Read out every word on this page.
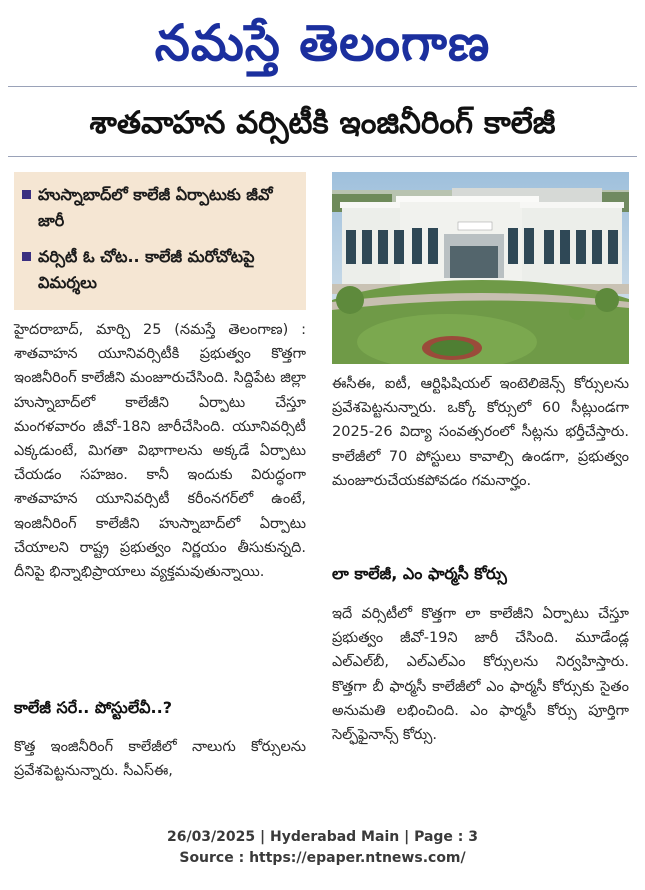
నమస్తే తెలంగాణ
శాతవాహన వర్సిటీకి ఇంజినీరింగ్ కాలేజీ
హుస్నాబాద్‌లో కాలేజీ ఏర్పాటుకు జీవో జారీ
వర్సిటీ ఓ చోట.. కాలేజీ మరోచోటపై విమర్శలు
హైదరాబాద్, మార్చి 25 (నమస్తే తెలంగాణ) : శాతవాహన యూనివర్సిటీకి ప్రభుత్వం కొత్తగా ఇంజినీరింగ్ కాలేజీని మంజూరుచేసింది. సిద్దిపేట జిల్లా హుస్నాబాద్‌లో కాలేజీని ఏర్పాటు చేస్తూ మంగళవారం జీవో-18ని జారీచేసింది. యూనివర్సిటీ ఎక్కడుంటే, మిగతా విభాగాలను అక్కడే ఏర్పాటు చేయడం సహజం. కానీ ఇందుకు విరుద్ధంగా శాతవాహన యూనివర్సిటీ కరీంనగర్‌లో ఉంటే, ఇంజినీరింగ్ కాలేజీని హుస్నాబాద్‌లో ఏర్పాటు చేయాలని రాష్ట్ర ప్రభుత్వం నిర్ణయం తీసుకున్నది. దీనిపై భిన్నాభిప్రాయాలు వ్యక్తమవుతున్నాయి.
కాలేజీ సరే.. పోస్టులేవీ..?
కొత్త ఇంజినీరింగ్ కాలేజీలో నాలుగు కోర్సులను ప్రవేశపెట్టనున్నారు. సీఎస్ఈ,
ఈసీఈ, ఐటీ, ఆర్టిఫిషియల్ ఇంటెలిజెన్స్ కోర్సులను ప్రవేశపెట్టనున్నారు. ఒక్కో కోర్సులో 60 సీట్లుండగా 2025-26 విద్యా సంవత్సరంలో సీట్లను భర్తీచేస్తారు. కాలేజీలో 70 పోస్టులు కావాల్సి ఉండగా, ప్రభుత్వం మంజూరుచేయకపోవడం గమనార్హం.
లా కాలేజీ, ఎం ఫార్మసీ కోర్సు
ఇదే వర్సిటీలో కొత్తగా లా కాలేజీని ఏర్పాటు చేస్తూ ప్రభుత్వం జీవో-19ని జారీ చేసింది. మూడేండ్ల ఎల్ఎల్‌బీ, ఎల్ఎల్ఎం కోర్సులను నిర్వహిస్తారు. కొత్తగా బీ ఫార్మసీ కాలేజీలో ఎం ఫార్మసీ కోర్సుకు సైతం అనుమతి లభించింది. ఎం ఫార్మసీ కోర్సు పూర్తిగా సెల్ఫ్‌ఫైనాన్స్ కోర్సు.
26/03/2025 | Hyderabad Main | Page : 3
Source : https://epaper.ntnews.com/
